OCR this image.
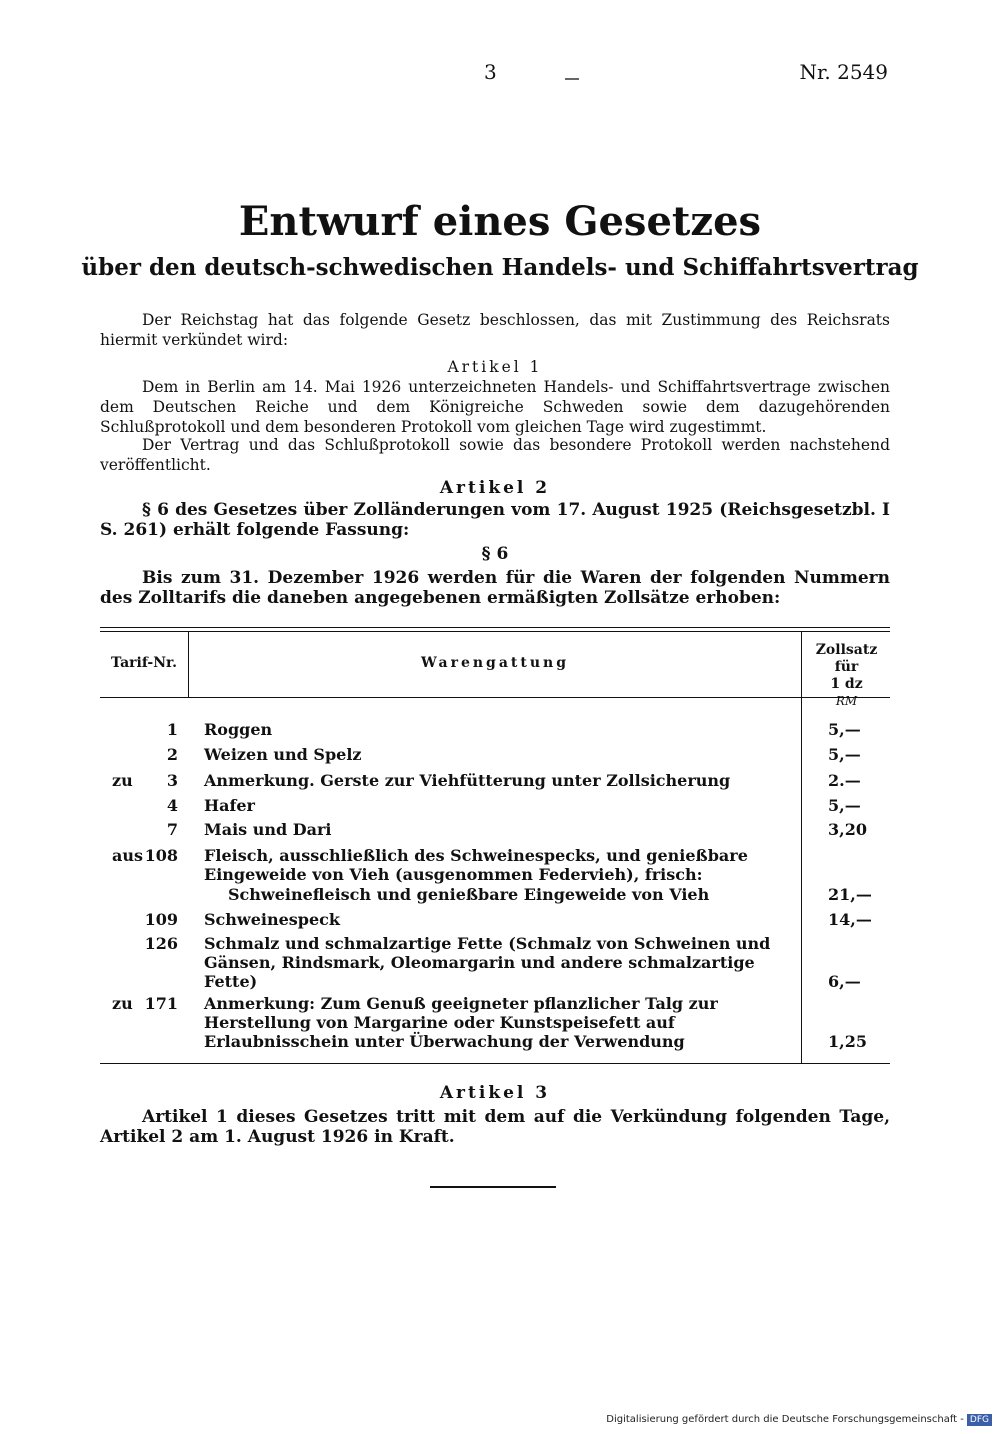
3	Nr. 2549
Entwurf eines Gesetzes
über den deutsch-schwedischen Handels- und Schiffahrtsvertrag
Der Reichstag hat das folgende Gesetz beschlossen, das mit Zustimmung des Reichsrats hiermit verkündet wird:
Artikel 1
Dem in Berlin am 14. Mai 1926 unterzeichneten Handels- und Schiffahrtsvertrage zwischen dem Deutschen Reiche und dem Königreiche Schweden sowie dem dazugehörenden Schlußprotokoll und dem besonderen Protokoll vom gleichen Tage wird zugestimmt.
Der Vertrag und das Schlußprotokoll sowie das besondere Protokoll werden nachstehend veröffentlicht.
Artikel 2
§ 6 des Gesetzes über Zolländerungen vom 17. August 1925 (Reichsgesetzbl. I S. 261) erhält folgende Fassung:
§ 6
Bis zum 31. Dezember 1926 werden für die Waren der folgenden Nummern des Zolltarifs die daneben angegebenen ermäßigten Zollsätze erhoben:
Tarif-Nr.	Warengattung
Zollsatz für
1 dz
RM
1 Roggen	5,—
2 Weizen und Spelz	5,—
zu	3 Anmerkung. Gerste zur Viehfütterung unter Zollsicherung	2.—
4 Hafer	5,—
7 Mais und Dari	3,20
aus 108 Fleisch, ausschließlich des Schweinespecks, und genießbare Eingeweide von Vieh (ausgenommen Federvieh), frisch:
Schweinefleisch und genießbare Eingeweide von Vieh	21,—
109 Schweinespeck	14,—
126 Schmalz und schmalzartige Fette (Schmalz von Schweinen und Gänsen, Rindsmark, Oleomargarin und andere schmalzartige Fette)	6,—
zu 171 Anmerkung: Zum Genuß geeigneter pflanzlicher Talg zur Herstellung von Margarine oder Kunstspeisefett auf Erlaubnisschein unter Überwachung der Verwendung	1,25
Artikel 3
Artikel 1 dieses Gesetzes tritt mit dem auf die Verkündung folgenden Tage, Artikel 2 am 1. August 1926 in Kraft.
Digitalisierung gefördert durch die Deutsche Forschungsgemeinschaft - DFG
